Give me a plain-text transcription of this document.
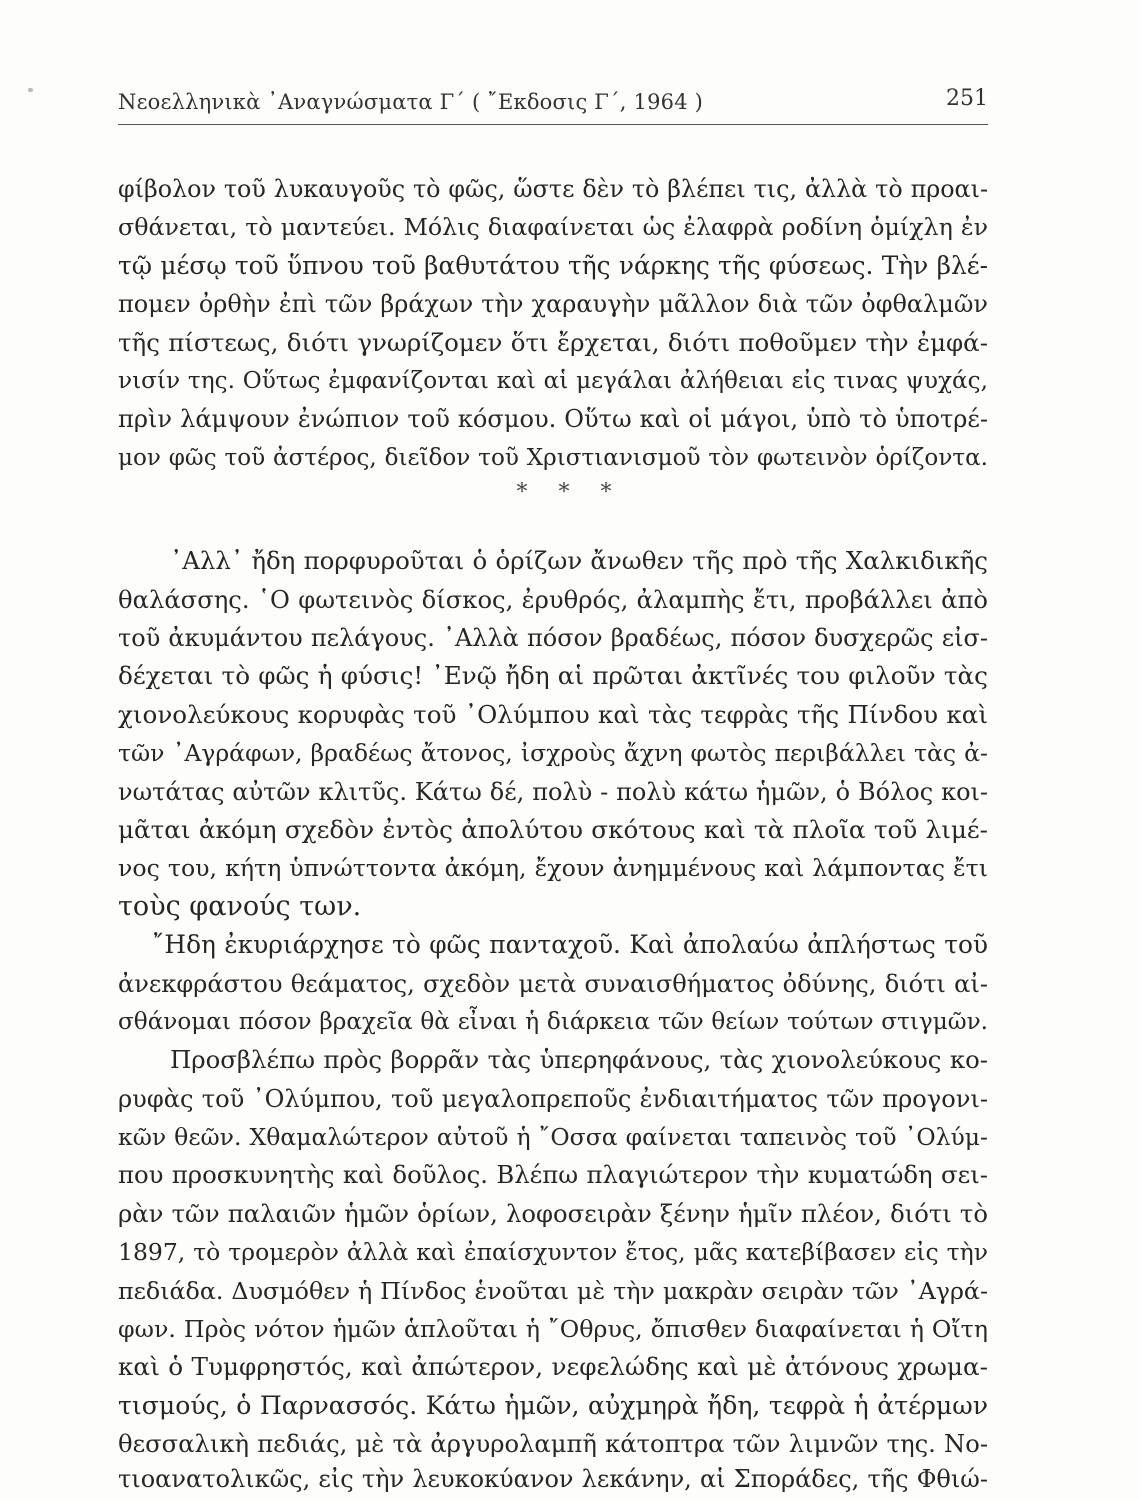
Νεοελληνικὰ ᾿Αναγνώσματα Γ΄ ( ῎Εκδοσις Γ΄, 1964 )	251
φίβολον τοῦ λυκαυγοῦς τὸ φῶς, ὥστε δὲν τὸ βλέπει τις, ἀλλὰ τὸ προαι-
σθάνεται, τὸ μαντεύει. Μόλις διαφαίνεται ὡς ἐλαφρὰ ροδίνη ὁμίχλη ἐν
τῷ μέσῳ τοῦ ὕπνου τοῦ βαθυτάτου τῆς νάρκης τῆς φύσεως. Τὴν βλέ-
πομεν ὀρθὴν ἐπὶ τῶν βράχων τὴν χαραυγὴν μᾶλλον διὰ τῶν ὀφθαλμῶν
τῆς πίστεως, διότι γνωρίζομεν ὅτι ἔρχεται, διότι ποθοῦμεν τὴν ἐμφά-
νισίν της. Οὕτως ἐμφανίζονται καὶ αἱ μεγάλαι ἀλήθειαι εἰς τινας ψυχάς,
πρὶν λάμψουν ἐνώπιον τοῦ κόσμου. Οὕτω καὶ οἱ μάγοι, ὑπὸ τὸ ὑποτρέ-
μον φῶς τοῦ ἀστέρος, διεῖδον τοῦ Χριστιανισμοῦ τὸν φωτεινὸν ὁρίζοντα.
* * *
᾿Αλλ᾿ ἤδη πορφυροῦται ὁ ὁρίζων ἄνωθεν τῆς πρὸ τῆς Χαλκιδικῆς
θαλάσσης. ῾Ο φωτεινὸς δίσκος, ἐρυθρός, ἀλαμπὴς ἔτι, προβάλλει ἀπὸ
τοῦ ἀκυμάντου πελάγους. ᾿Αλλὰ πόσον βραδέως, πόσον δυσχερῶς εἰσ-
δέχεται τὸ φῶς ἡ φύσις! ᾿Ενῷ ἤδη αἱ πρῶται ἀκτῖνές του φιλοῦν τὰς
χιονολεύκους κορυφὰς τοῦ ᾿Ολύμπου καὶ τὰς τεφρὰς τῆς Πίνδου καὶ
τῶν ᾿Αγράφων, βραδέως ἄτονος, ἰσχροὺς ἄχνη φωτὸς περιβάλλει τὰς ἀ-
νωτάτας αὐτῶν κλιτῦς. Κάτω δέ, πολὺ - πολὺ κάτω ἡμῶν, ὁ Βόλος κοι-
μᾶται ἀκόμη σχεδὸν ἐντὸς ἀπολύτου σκότους καὶ τὰ πλοῖα τοῦ λιμέ-
νος του, κήτη ὑπνώττοντα ἀκόμη, ἔχουν ἀνημμένους καὶ λάμποντας ἔτι
τοὺς φανούς των.
῎Ηδη ἐκυριάρχησε τὸ φῶς πανταχοῦ. Καὶ ἀπολαύω ἀπλήστως τοῦ
ἀνεκφράστου θεάματος, σχεδὸν μετὰ συναισθήματος ὀδύνης, διότι αἰ-
σθάνομαι πόσον βραχεῖα θὰ εἶναι ἡ διάρκεια τῶν θείων τούτων στιγμῶν.
Προσβλέπω πρὸς βορρᾶν τὰς ὑπερηφάνους, τὰς χιονολεύκους κο-
ρυφὰς τοῦ ᾿Ολύμπου, τοῦ μεγαλοπρεποῦς ἐνδιαιτήματος τῶν προγονι-
κῶν θεῶν. Χθαμαλώτερον αὐτοῦ ἡ ῎Οσσα φαίνεται ταπεινὸς τοῦ ᾿Ολύμ-
που προσκυνητὴς καὶ δοῦλος. Βλέπω πλαγιώτερον τὴν κυματώδη σει-
ρὰν τῶν παλαιῶν ἡμῶν ὁρίων, λοφοσειρὰν ξένην ἡμῖν πλέον, διότι τὸ
1897, τὸ τρομερὸν ἀλλὰ καὶ ἐπαίσχυντον ἔτος, μᾶς κατεβίβασεν εἰς τὴν
πεδιάδα. Δυσμόθεν ἡ Πίνδος ἑνοῦται μὲ τὴν μακρὰν σειρὰν τῶν ᾿Αγρά-
φων. Πρὸς νότον ἡμῶν ἁπλοῦται ἡ ῎Οθρυς, ὄπισθεν διαφαίνεται ἡ Οἴτη
καὶ ὁ Τυμφρηστός, καὶ ἀπώτερον, νεφελώδης καὶ μὲ ἀτόνους χρωμα-
τισμούς, ὁ Παρνασσός. Κάτω ἡμῶν, αὐχμηρὰ ἤδη, τεφρὰ ἡ ἀτέρμων
θεσσαλικὴ πεδιάς, μὲ τὰ ἀργυρολαμπῆ κάτοπτρα τῶν λιμνῶν της. Νο-
τιοανατολικῶς, εἰς τὴν λευκοκύανον λεκάνην, αἱ Σποράδες, τῆς Φθιώ-
